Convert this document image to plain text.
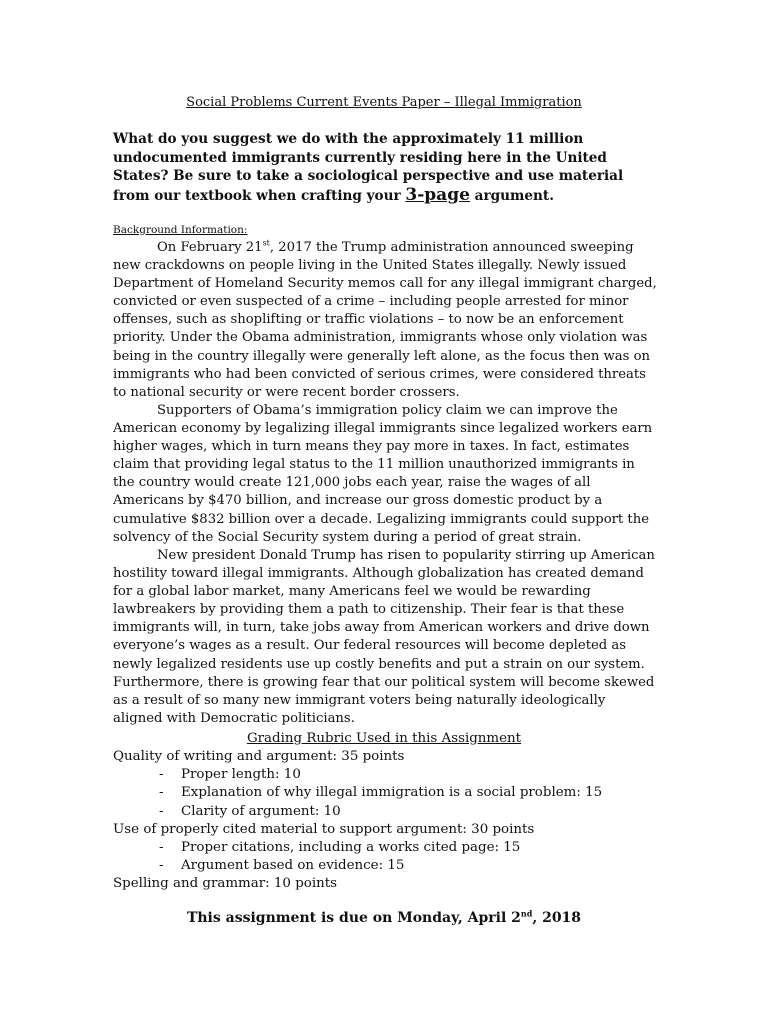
Social Problems Current Events Paper – Illegal Immigration
What do you suggest we do with the approximately 11 million undocumented immigrants currently residing here in the United States? Be sure to take a sociological perspective and use material from our textbook when crafting your 3-page argument.
Background Information:

On February 21st, 2017 the Trump administration announced sweeping new crackdowns on people living in the United States illegally. Newly issued Department of Homeland Security memos call for any illegal immigrant charged, convicted or even suspected of a crime – including people arrested for minor offenses, such as shoplifting or traffic violations – to now be an enforcement priority. Under the Obama administration, immigrants whose only violation was being in the country illegally were generally left alone, as the focus then was on immigrants who had been convicted of serious crimes, were considered threats to national security or were recent border crossers.

Supporters of Obama’s immigration policy claim we can improve the American economy by legalizing illegal immigrants since legalized workers earn higher wages, which in turn means they pay more in taxes. In fact, estimates claim that providing legal status to the 11 million unauthorized immigrants in the country would create 121,000 jobs each year, raise the wages of all Americans by $470 billion, and increase our gross domestic product by a cumulative $832 billion over a decade. Legalizing immigrants could support the solvency of the Social Security system during a period of great strain.

New president Donald Trump has risen to popularity stirring up American hostility toward illegal immigrants. Although globalization has created demand for a global labor market, many Americans feel we would be rewarding lawbreakers by providing them a path to citizenship. Their fear is that these immigrants will, in turn, take jobs away from American workers and drive down everyone’s wages as a result. Our federal resources will become depleted as newly legalized residents use up costly benefits and put a strain on our system. Furthermore, there is growing fear that our political system will become skewed as a result of so many new immigrant voters being naturally ideologically aligned with Democratic politicians.

Grading Rubric Used in this Assignment
Quality of writing and argument: 35 points
- Proper length: 10
- Explanation of why illegal immigration is a social problem: 15
- Clarity of argument: 10
Use of properly cited material to support argument: 30 points
- Proper citations, including a works cited page: 15
- Argument based on evidence: 15
Spelling and grammar: 10 points
This assignment is due on Monday, April 2nd, 2018
